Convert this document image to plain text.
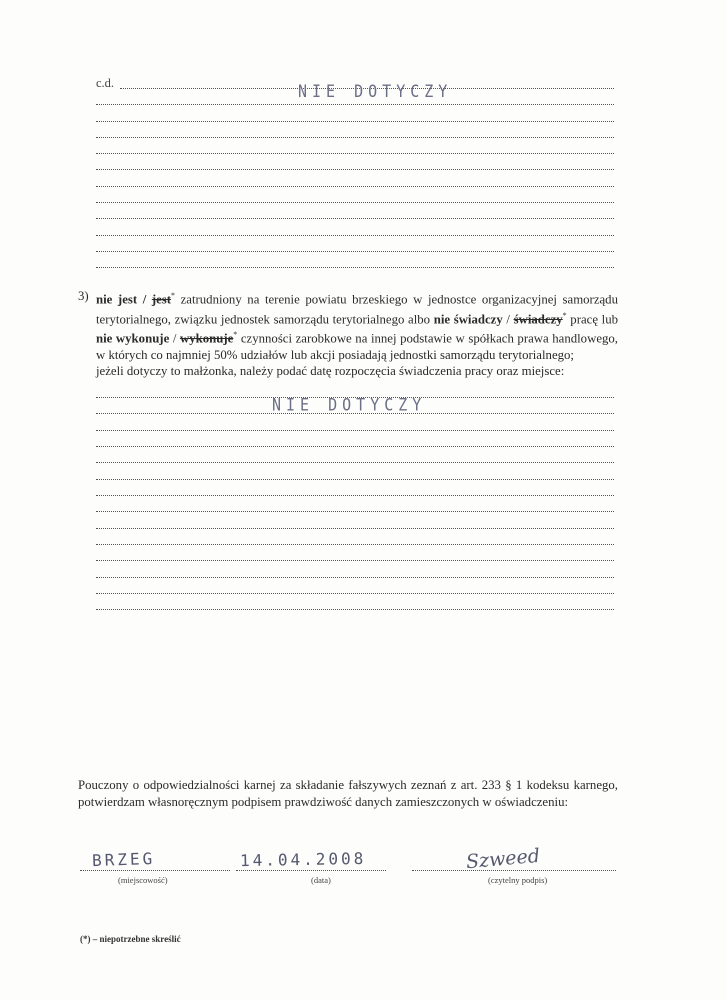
c.d.	NIE DOTYCZY
3) nie jest / jest* zatrudniony na terenie powiatu brzeskiego w jednostce organizacyjnej samorządu terytorialnego, związku jednostek samorządu terytorialnego albo nie świadczy / świadczy* pracę lub nie wykonuje / wykonuje* czynności zarobkowe na innej podstawie w spółkach prawa handlowego, w których co najmniej 50% udziałów lub akcji posiadają jednostki samorządu terytorialnego;
jeżeli dotyczy to małżonka, należy podać datę rozpoczęcia świadczenia pracy oraz miejsce:
NIE DOTYCZY
Pouczony o odpowiedzialności karnej za składanie fałszywych zeznań z art. 233 § 1 kodeksu karnego, potwierdzam własnoręcznym podpisem prawdziwość danych zamieszczonych w oświadczeniu:
BRZEG
(miejscowość)
14.04.2008
(data)
Szweed
(czytelny podpis)
(*) – niepotrzebne skreślić
